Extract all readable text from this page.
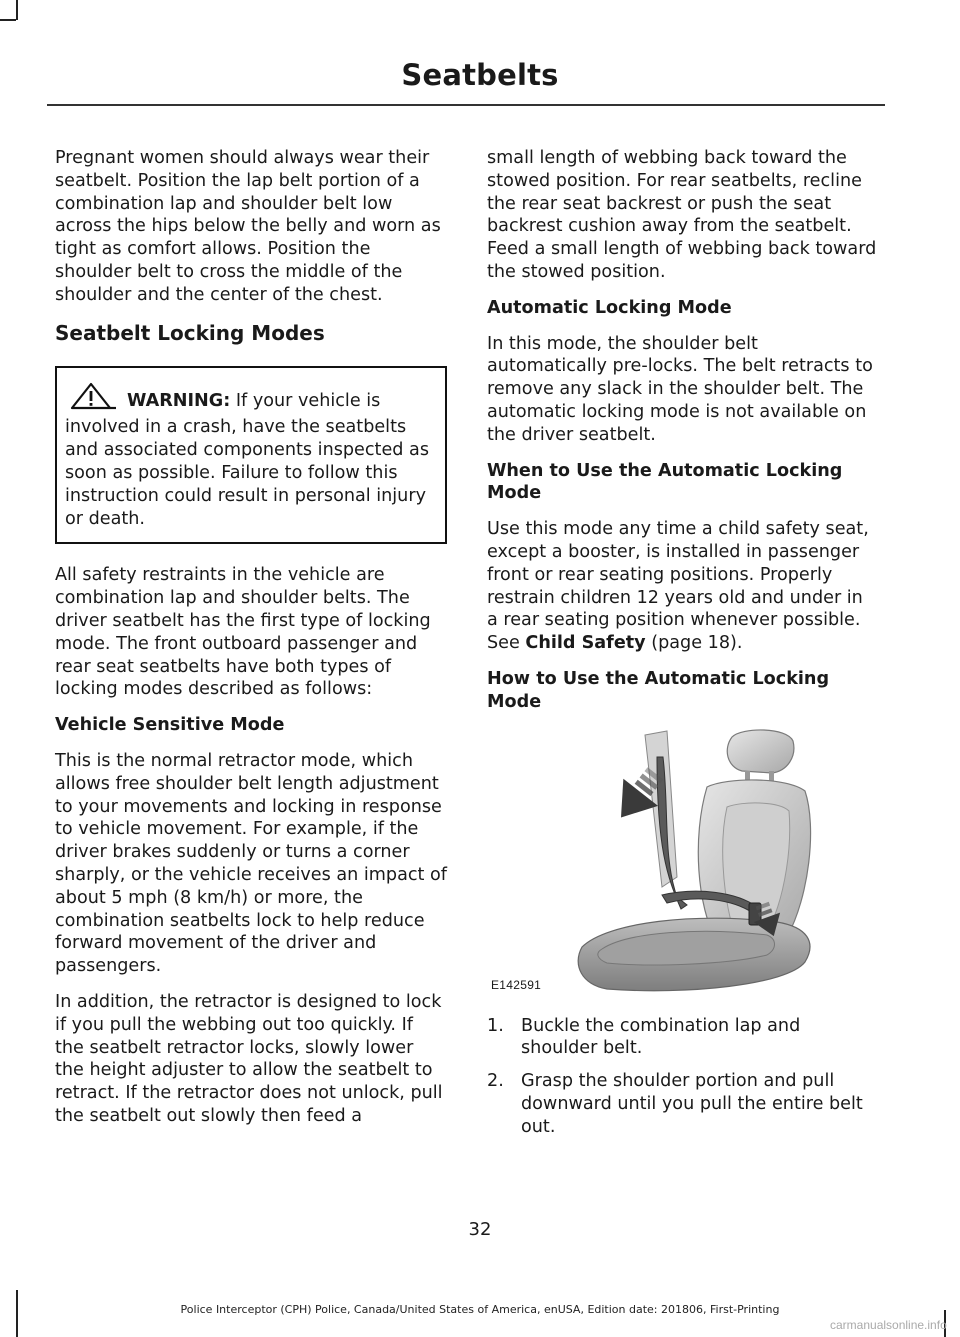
Seatbelts

Pregnant women should always wear their seatbelt. Position the lap belt portion of a combination lap and shoulder belt low across the hips below the belly and worn as tight as comfort allows. Position the shoulder belt to cross the middle of the shoulder and the center of the chest.

Seatbelt Locking Modes
WARNING: If your vehicle is involved in a crash, have the seatbelts and associated components inspected as soon as possible. Failure to follow this instruction could result in personal injury or death.

All safety restraints in the vehicle are combination lap and shoulder belts. The driver seatbelt has the first type of locking mode. The front outboard passenger and rear seat seatbelts have both types of locking modes described as follows:

Vehicle Sensitive Mode

This is the normal retractor mode, which allows free shoulder belt length adjustment to your movements and locking in response to vehicle movement. For example, if the driver brakes suddenly or turns a corner sharply, or the vehicle receives an impact of about 5 mph (8 km/h) or more, the combination seatbelts lock to help reduce forward movement of the driver and passengers.

In addition, the retractor is designed to lock if you pull the webbing out too quickly. If the seatbelt retractor locks, slowly lower the height adjuster to allow the seatbelt to retract. If the retractor does not unlock, pull the seatbelt out slowly then feed a

small length of webbing back toward the stowed position. For rear seatbelts, recline the rear seat backrest or push the seat backrest cushion away from the seatbelt. Feed a small length of webbing back toward the stowed position.

Automatic Locking Mode

In this mode, the shoulder belt automatically pre-locks. The belt retracts to remove any slack in the shoulder belt. The automatic locking mode is not available on the driver seatbelt.

When to Use the Automatic Locking Mode

Use this mode any time a child safety seat, except a booster, is installed in passenger front or rear seating positions. Properly restrain children 12 years old and under in a rear seating position whenever possible. See Child Safety (page 18).

How to Use the Automatic Locking Mode

E142591
1. Buckle the combination lap and shoulder belt.
2. Grasp the shoulder portion and pull downward until you pull the entire belt out.
32
Police Interceptor (CPH) Police, Canada/United States of America, enUSA, Edition date: 201806, First-Printing
carmanualsonline.info
